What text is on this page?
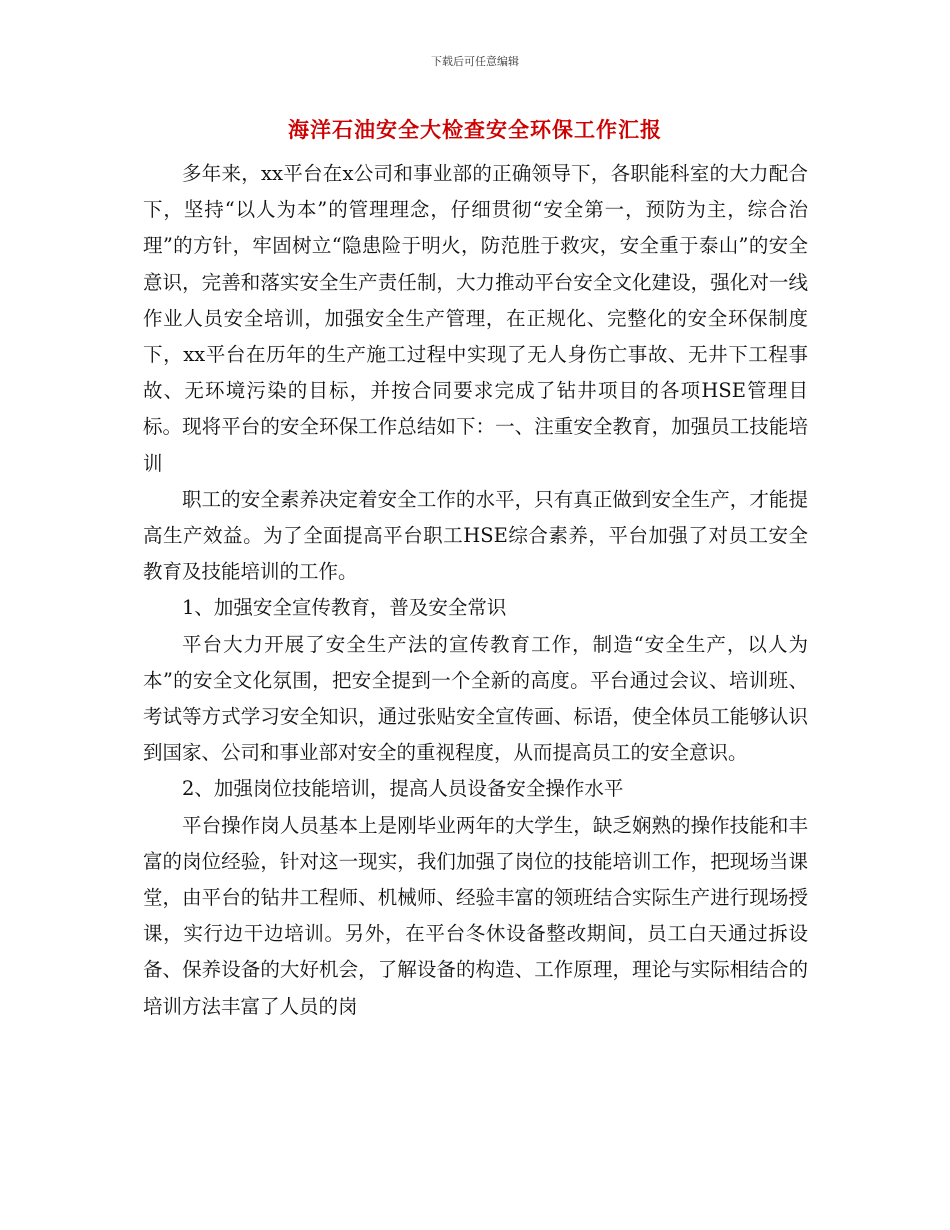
下载后可任意编辑
海洋石油安全大检查安全环保工作汇报

多年来，xx平台在x公司和事业部的正确领导下，各职能科室的大力配合下，坚持“以人为本”的管理理念，仔细贯彻“安全第一，预防为主，综合治理”的方针，牢固树立“隐患险于明火，防范胜于救灾，安全重于泰山”的安全意识，完善和落实安全生产责任制，大力推动平台安全文化建设，强化对一线作业人员安全培训，加强安全生产管理，在正规化、完整化的安全环保制度下，xx平台在历年的生产施工过程中实现了无人身伤亡事故、无井下工程事故、无环境污染的目标，并按合同要求完成了钻井项目的各项HSE管理目标。现将平台的安全环保工作总结如下：一、注重安全教育，加强员工技能培训

职工的安全素养决定着安全工作的水平，只有真正做到安全生产，才能提高生产效益。为了全面提高平台职工HSE综合素养，平台加强了对员工安全教育及技能培训的工作。

1、加强安全宣传教育，普及安全常识

平台大力开展了安全生产法的宣传教育工作，制造“安全生产，以人为本”的安全文化氛围，把安全提到一个全新的高度。平台通过会议、培训班、考试等方式学习安全知识，通过张贴安全宣传画、标语，使全体员工能够认识到国家、公司和事业部对安全的重视程度，从而提高员工的安全意识。

2、加强岗位技能培训，提高人员设备安全操作水平

平台操作岗人员基本上是刚毕业两年的大学生，缺乏娴熟的操作技能和丰富的岗位经验，针对这一现实，我们加强了岗位的技能培训工作，把现场当课堂，由平台的钻井工程师、机械师、经验丰富的领班结合实际生产进行现场授课，实行边干边培训。另外，在平台冬休设备整改期间，员工白天通过拆设备、保养设备的大好机会，了解设备的构造、工作原理，理论与实际相结合的培训方法丰富了人员的岗
